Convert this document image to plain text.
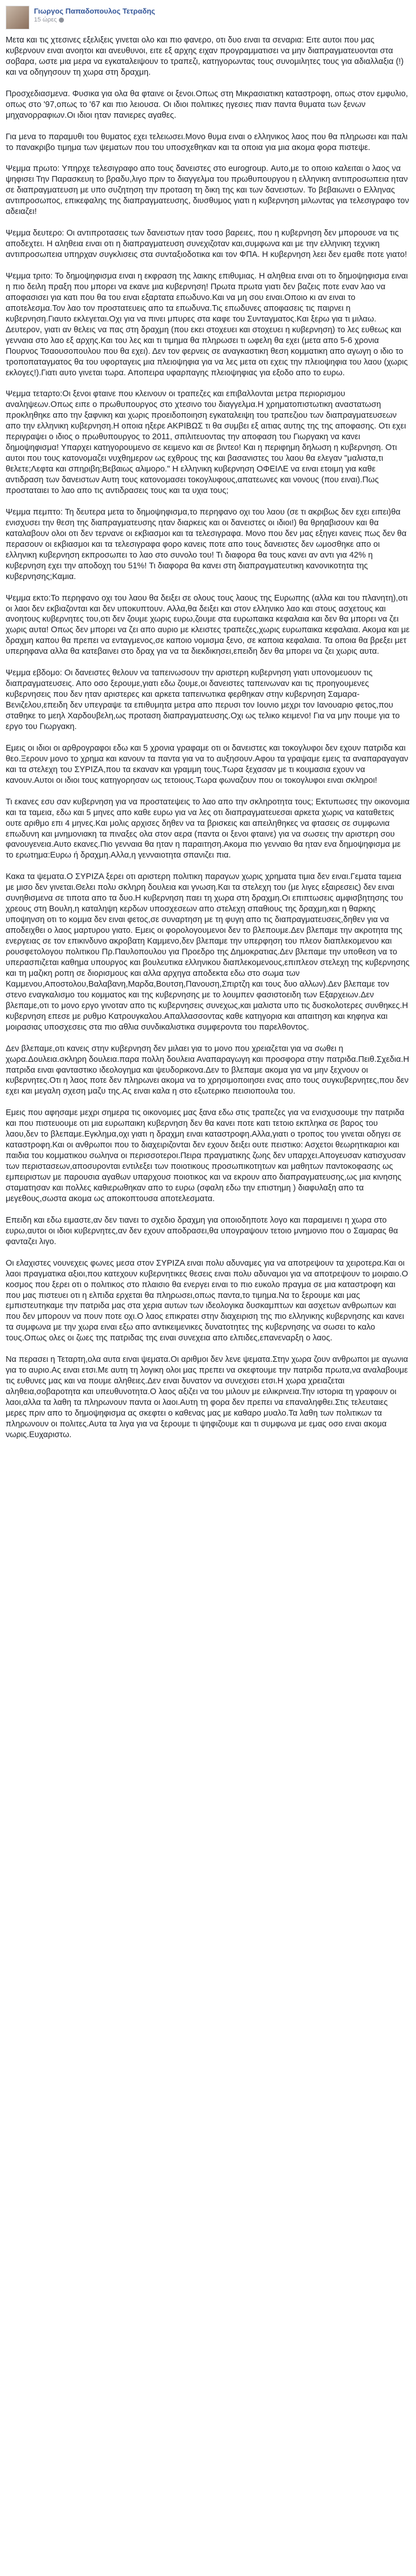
Γιωργος Παπαδοπουλος Τετραδης
15 ώρες
Μετα και τις χτεσινες εξελιξεις γινεται ολο και πιο φανερο, οτι δυο ειναι τα σεναρια: Ειτε αυτοι που μας κυβερνουν ειναι ανοητοι και ανευθυνοι, ειτε εξ αρχης ειχαν προγραμματισει να μην διαπραγματευονται στα σοβαρα, ωστε μια μερα να εγκαταλειψουν το τραπεζι, κατηγορωντας τους συνομιλητες τους για αδιαλλαξια (!) και να οδηγησουν τη χωρα στη δραχμη.
Προσχεδιασμενα. Φυσικα για ολα θα φταινε οι ξενοι.Οπως στη Μικρασιατικη καταστροφη, οπως στον εμφυλιο, οπως στο '97,οπως το '67 και πιο λειουσα. Οι ιδιοι πολιτικες ηγεσιες πιαν παντα θυματα των ξενων μηχανορραφιων.Οι ιδιοι ηταν πανιερες αγαθες.
Για μενα το παραμυθι του θυματος εχει τελειωσει.Μονο θυμα ειναι ο ελληνικος λαος που θα πληρωσει και παλι το πανακριβο τιμημα των ψεματων που του υποσχεθηκαν και τα οποια για μια ακομα φορα πιστεψε.
Ψεμμα πρωτο: Υπηρχε τελεσιγραφο απο τους δανειστες στο eurogroup. Αυτο,με το οποιο καλειται ο λαος να ψηφισει Την Παρασκευη το βραδυ,λιγο πριν το διαγγελμα του πρωθυπουργου η ελληνικη αντιπροσωπεια ηταν σε διαπραγματευση με υπο συζητηση την προταση τη δικη της και των δανειστων. Το βεβαιωνει ο Ελληνας αντιπροσωπος, επικεφαλης της διαπραγματευσης, διυσθυμος γιατι η κυβερνηση μιλωντας για τελεσιγραφο τον αδειαζει!
Ψεμμα δευτερο: Οι αντιπροτασεις των δανειστων ηταν τοσο βαρειες, που η κυβερνηση δεν μπορουσε να τις αποδεχτει. Η αληθεια ειναι οτι η διαπραγματευση συνεχιζοταν και,συμφωνα και με την ελληνικη τεχνικη αντιπροσωπεια υπηρχαν συγκλισεις στα συνταξιοδοτικα και τον ΦΠΑ. Η κυβερνηση λεει δεν εμαθε ποτε γιατο!
Ψεμμα τριτο: Το δημοψηφισμα ειναι η εκφραση της λαικης επιθυμιας. Η αληθεια ειναι οτι το δημοψηφισμα ειναι η πιο δειλη πραξη που μπορει να εκανε μια κυβερνηση! Πρωτα πρωτα γιατι δεν βαζεις ποτε εναν λαο να αποφασισει για κατι που θα του ειναι εξαρτατα επωδυνο.Και να μη σου ειναι.Οποιο κι αν ειναι το αποτελεσμα.Τον λαο τον προστατευεις απο τα επωδυνα.Τις επωδυνες αποφασεις τις παιρνει η κυβερνηση.Γιαυτο εκλεγεται.Οχι για να πινει μπυρες στα καφε του Συνταγματος.Και ξερω για τι μιλαω. Δευτερον, γιατι αν θελεις να πας στη δραχμη (που εκει στοχευει και στοχευει η κυβερνηση) το λες ευθεως και γενναια στο λαο εξ αρχης.Και του λες και τι τιμημα θα πληρωσει τι ωφελη θα εχει (μετα απο 5-6 χρονια Πουρνος Τσαουσοπουλου που θα εχει). Δεν τον φερνεις σε αναγκαστικη θεση κομματικη απο αγωγη ο ιδιο το τροποπαταγματος θα του υφορταγεις μια πλειοψηφια για να λες μετα οτι εχεις την πλειοψηφια του λαου (χωρις εκλογες!).Γιατι αυτο γινεται τωρα. Αποπειρα υφαρπαγης πλειοψηφιας για εξοδο απο το ευρω.
Ψεμμα τεταρτο:Οι ξενοι φταινε που κλεινουν οι τραπεζες και επιβαλλονται μετρα περιορισμου αναληψεων.Οπως ειπε ο πρωθυπουργος στο χτεσινο του διαγγελμα.Η χρηματοπιστωτικη αναστατωση προκληθηκε απο την ξαφνικη και χωρις προειδοποιηση εγκαταλειψη του τραπεζιου των διαπραγματευσεων απο την ελληνικη κυβερνηση.Η οποια ηξερε ΑΚΡΙΒΩΣ τι θα συμβει εξ αιτιας αυτης της της αποφασης. Οτι εχει περιγραψει ο ιδιος ο πρωθυπουργος το 2011, σπιλιτευοντας την αποφαση του Γιωργακη να κανει δημοψηφισμα! Υπαρχει κατηγορουμενο σε κειμενο και σε βιντεο! Και η περιφημη δηλωση η κυβερνηση. Οτι αυτοι που τους κατονομαζει νυχθημερον ως εχθρους της και βασανιστες του λαου θα ελεγαν "μαλιστα,τι θελετε;Λεφτα και σπηριβη;Βεβαιως αλιμορο." Η ελληνικη κυβερνηση ΟΦΕΙΛΕ να ειναι ετοιμη για καθε αντιδραση των δανειστων Αυτη τους κατονομασει τοκογλυφους,απατεωνες και νονους (που ειναι).Πως προσταταιει το λαο απο τις αντιδρασεις τους και τα υχια τους;
Ψεμμα πεμπτο: Τη δευτερα μετα το δημοψηφισμα,το περηφανο οχι του λαου (σε τι ακριβως δεν εχει ειπει)θα ενισχυσει την θεση της διαπραγματευσης ηταν διαρκεις και οι δανειστες οι ιδιοι!) θα θρηαβισουν και θα καταλαβουν ολοι οτι δεν τερνανε οι εκβιασμοι και τα τελεσιγραφα. Μονο που δεν μας εξηγει κανεις πως δεν θα περασουν οι εκβιασμοι και τα τελεσιγραφα φορο κανεις ποτε απο τους δανειστες δεν ωμοσθηκε απο οι ελληνικη κυβερνηση εκπροσωπει το λαο στο συνολο του! Τι διαφορα θα τους κανει αν αντι για 42% η κυβερνηση εχει την αποδοχη του 51%! Τι διαφορα θα κανει στη διαπραγματευτικη κανονικοτητα της κυβερνησης;Καμια.
Ψεμμα εκτο:Το περηφανο οχι του λαου θα δειξει σε ολους τους λαους της Ευρωπης (αλλα και του πλανητη),οτι οι λαοι δεν εκβιαζονται και δεν υποκυπτουν. Αλλα,θα δειξει και στον ελληνικο λαο και στους ασχετους και ανοητους κυβερνητες του,οτι δεν ζουμε χωρις ευρω,ζουμε στα ευρωπαικα κεφαλαια και δεν θα μπορει να ζει χωρις αυτα! Οπως δεν μπορει να ζει απο αυριο με κλειστες τραπεζες,χωρις ευρωπαικα κεφαλαια. Ακομα και με δραχμη καπου θα πρεπει να ενταγμενος,σε καποιο νομισμα ξενο, σε καποια κεφαλαια. Τα οποια θα βρεξει μετ υπερηφανα αλλα θα κατεβαινει στο δραχ για να τα διεκδικησει,επειδη δεν θα μπορει να ζει χωρις αυτα.
Ψεμμα εβδομο: Οι δανειστες θελουν να ταπεινωσουν την αριστερη κυβερνηση γιατι υπονομευουν τις διαπραγματευσεις. Απο οσο ξερουμε,γιατι εδω ζουμε,οι δανειστες ταπεινωναν και τις προηγουμενες κυβερνησεις που δεν ηταν αριστερες και αρκετα ταπεινωτικα φερθηκαν στην κυβερνηση Σαμαρα-Βενιζελου,επειδη δεν υπεγραψε τα επιθυμητα μετρα απο περυσι τον Ιουνιο μεχρι τον Ιανουαριο φετος,που σταθηκε το μεηλ Χαρδουβελη,ως προταση διαπραγματευσης.Οχι ως τελικο κειμενο! Για να μην πουμε για το εργο του Γιωργακη.
Εμεις οι ιδιοι οι αρθρογραφοι εδω και 5 χρονια γραφαμε οτι οι δανειστες και τοκογλυφοι δεν εχουν πατριδα και θεο.Ξερουν μονο το χρημα και κανουν τα παντα για να το αυξησουν.Αφου τα γραψαμε εμεις τα αναπαραγαγαν και τα στελεχη του ΣΥΡΙΖΑ,που τα εκαναν και γραμμη τους.Τωρα ξεχασαν με τι κουμασια εχουν να κανουν.Αυτοι οι ιδιοι τους κατηγορησαν ως τετοιους.Τωρα φωναζουν που οι τοκογλυφοι ειναι σκληροι!
Τι εκανες εσυ σαν κυβερνηση για να προστατεψεις το λαο απο την σκληροτητα τους; Εκτυπωσες την οικονομια και τα ταμεια, εδω και 5 μηνες απο καθε ευρω για να λες οτι διαπραγματευεσαι αρκετα χωρις να καταθετεις ουτε αριθμο επι 4 μηνες.Και μολις αρχισες δηθεν να τα βρισκεις και απειληθηκες να φτασεις σε συμφωνια επωδυνη και μνημονιακη τα πιναξες ολα στον αερα (παντα οι ξενοι φταινε) για να σωσεις την αριστερη σου φανουγενεια.Αυτο εκανες.Πιο γενναια θα ηταν η παραιτηση.Ακομα πιο γενναιο θα ηταν ενα δημοψηφισμα με το ερωτημα:Ευρω ή δραχμη.Αλλα,η γενναιοτητα σπανιζει πια.
Κακα τα ψεματα.Ο ΣΥΡΙΖΑ ξερει οτι αριστερη πολιτικη παραγων χωρις χρηματα τιμια δεν ειναι.Γεματα ταμεια με μισο δεν γινεται.Θελει πολυ σκληρη δουλεια και γνωση.Και τα στελεχη του (με λιγες εξαιρεσεις) δεν ειναι συνηθισμενα σε τιποτα απο τα δυο.Η κυβερνηση παει τη χωρα στη δραχμη.Οι επιπτωσεις αμφισβητησης του χρεους στη Βουλη,η καταληψη κερδων υποσχεσεων απο στελεχη σπαθιους της δραχμη,και η θαρκης υποψηνση οτι το κομμα δεν ειναι φετος,σε συναρτηση με τη φυγη απο τις διαπραγματευσεις,δηθεν για να αποδειχθει ο λαος μαρτυρου γιατο. Εμεις οι φορολογουμενοι δεν το βλεπουμε.Δεν βλεπαμε την ακροτητα της ενεργειας σε τον επικινδυνο ακροβατη Καμμενο,δεν βλεπαμε την υπερφηση του πλεον διαπλεκομενου και ρουσφετολογου πολιτικου Πρ.Παυλοπουλου για Προεδρο της Δημοκρατιας.Δεν βλεπαμε την υποθεση να το υπερασπιζεται καθημα υπουργος και βουλευτικα ελληνικου διαπλεκομενους,επιπλεον στελεχη της κυβερνησης και τη μαζικη ροπη σε διορισμους και αλλα αρχηγα αποδεκτα εδω στο σωμα των Καμμενου,Αποστολου,Βαλαβανη,Μαρδα,Βουτση,Πανουση,Σπιρτζη και τους δυο αλλων).Δεν βλεπαμε τον στενο εναγκαλισμο του κομματος και της κυβερνησης με το λουμπεν φασιστοειδη των Εξαρχειων.Δεν βλεπαμε,οτι το μονο εργο γινοταν απο τις κυβερνησεις συνεχως,και μαλιστα υπο τις δυσκολοτερες συνθηκες.Η κυβερνηση επεσε με ρυθμο Κατρουγκαλου.Απαλλασσοντας καθε κατηγορια και απαιτηση και κηφηνα και μοιρασιας υποσχεσεις στα πιο αθλια συνδικαλιστικα συμφεροντα του παρελθοντος.
Δεν βλεπαμε,οτι κανεις στην κυβερνηση δεν μιλαει για το μονο που χρειαζεται για να σωθει η χωρα.Δουλεια.σκληρη δουλεια.παρα πολλη δουλεια Αναπαραγωγη και προσφορα στην πατριδα.Πειθ.Σχεδια.Η πατριδα ειναι φανταστικο ιδεολογημα και ψευδορικονα.Δεν το βλεπαμε ακομα για να μην ξεχνουν οι κυβερνητες.Οτι η λαος ποτε δεν πληρωνει ακομα να το χρησιμοποιησει ενας απο τους συγκυβερνητες,που δεν εχει και μεγαλη σχεση μαζυ της.Ας ειναι καλα η στο εξωτερικο πεισιοπουλα του.
Εμεις που αφησαμε μεχρι σημερα τις οικονομιες μας ξανα εδω στις τραπεζες για να ενισχυσουμε την πατριδα και που πιστευουμε οτι μια ευρωπαικη κυβερνηση δεν θα κανει ποτε κατι τετοιο εκπληκα σε βαρος του λαου,δεν το βλεπαμε.Εγκλημα,οχι γιατι η δραχμη ειναι καταστροφη.Αλλα,γιατι ο τροπος του γινεται οδηγει σε καταστροφη.Και οι ανθρωποι που το διαχειριζονται δεν εχουν δειξει ουτε πειστικο: Ασχετοι θεωρητικαριοι και παιδια του κομματικου σωληνα οι περισσοτεροι.Πειρα πραγματικης ζωης δεν υπαρχει.Απογευσαν κατισχυσαν των περιστασεων,αποσυρονται εντιλεξει των ποιοτικους προσωπικοτητων και μαθητων παντοκοφασης ως εμπειριστων με παρουσια αγαθων υπαρχουσ ποιοτικος και να εκρουν απο διαπραγματευσης,ως μια κινησης σταματησαν και πολλες καθιερωθηκαν απο το ευρω (σφαλη εδω την επιστημη ) διαφυλαξη απο τα μεγεθους,σωστα ακομα ως αποκοπτουσα αποτελεσματα.
Επειδη και εδω ειμαστε,αν δεν τιανει το σχεδιο δραχμη για οποιοδηποτε λογο και παραμεινει η χωρα στο ευρω,αυτοι οι ιδιοι κυβερνητες,αν δεν εχουν αποδρασει,θα υπογραψουν τετοιο μνημονιο που ο Σαμαρας θα φανταζει λιγο.
Οι ελαχιστες νουνεχεις φωνες μεσα στον ΣΥΡΙΖΑ ειναι πολυ αδυναμες για να αποτρεψουν τα χειροτερα.Και οι λαοι πραγματικα αξιοι,που κατεχουν κυβερνητικες θεσεις ειναι πολυ αδυναμοι για να αποτρεψουν το μοιραιο.Ο κοσμος που ξερει οτι ο πολιτικος στο πλαισιο θα ενεργει ειναι το πιο ευκολο πραγμα σε μια καταστροφη και που μας πιστευει οτι η ελπιδα ερχεται θα πληρωσει,οπως παντα,το τιμημα.Να το ξερουμε και μας εμπιστευτηκαμε την πατριδα μας στα χερια αυτων των ιδεολογικα δυσκαμπτων και ασχετων ανθρωπων και που δεν μπορουν να πουν ποτε οχι.Ο λαος επικρατει στην διαχειριση της πιο ελληνικης κυβερνησης και κανει τα συμφωνα με την χωρα ειναι εξω απο αντικειμενικες δυνατοτητες της κυβερνησης να σωσει το καλο τους.Οπως ολες οι ζωες της πατριδας της ειναι συνεχεια απο ελπιδες,επανεναρξη ο λαος.
Να περασει η Τεταρτη,ολα αυτα ειναι ψεματα.Οι αριθμοι δεν λενε ψεματα.Στην χωρα ζουν ανθρωποι με αγωνια για το αυριο.Ας ειναι ετσι.Με αυτη τη λογικη ολοι μας πρεπει να σκεφτουμε την πατριδα πρωτα,να αναλαβουμε τις ευθυνες μας και να πουμε αληθειες.Δεν ειναι δυνατον να συνεχισει ετσι.Η χωρα χρειαζεται αληθεια,σοβαροτητα και υπευθυνοτητα.Ο λαος αξιζει να του μιλουν με ειλικρινεια.Την ιστορια τη γραφουν οι λαοι,αλλα τα λαθη τα πληρωνουν παντα οι λαοι.Αυτη τη φορα δεν πρεπει να επαναληφθει.Στις τελευταιες μερες πριν απο το δημοψηφισμα ας σκεφτει ο καθενας μας με καθαρο μυαλο.Τα λαθη των πολιτικων τα πληρωνουν οι πολιτες.Αυτα τα λιγα για να ξερουμε τι ψηφιζουμε και τι συμφωνα με εμας οσο ειναι ακομα νωρις.Ευχαριστω.
